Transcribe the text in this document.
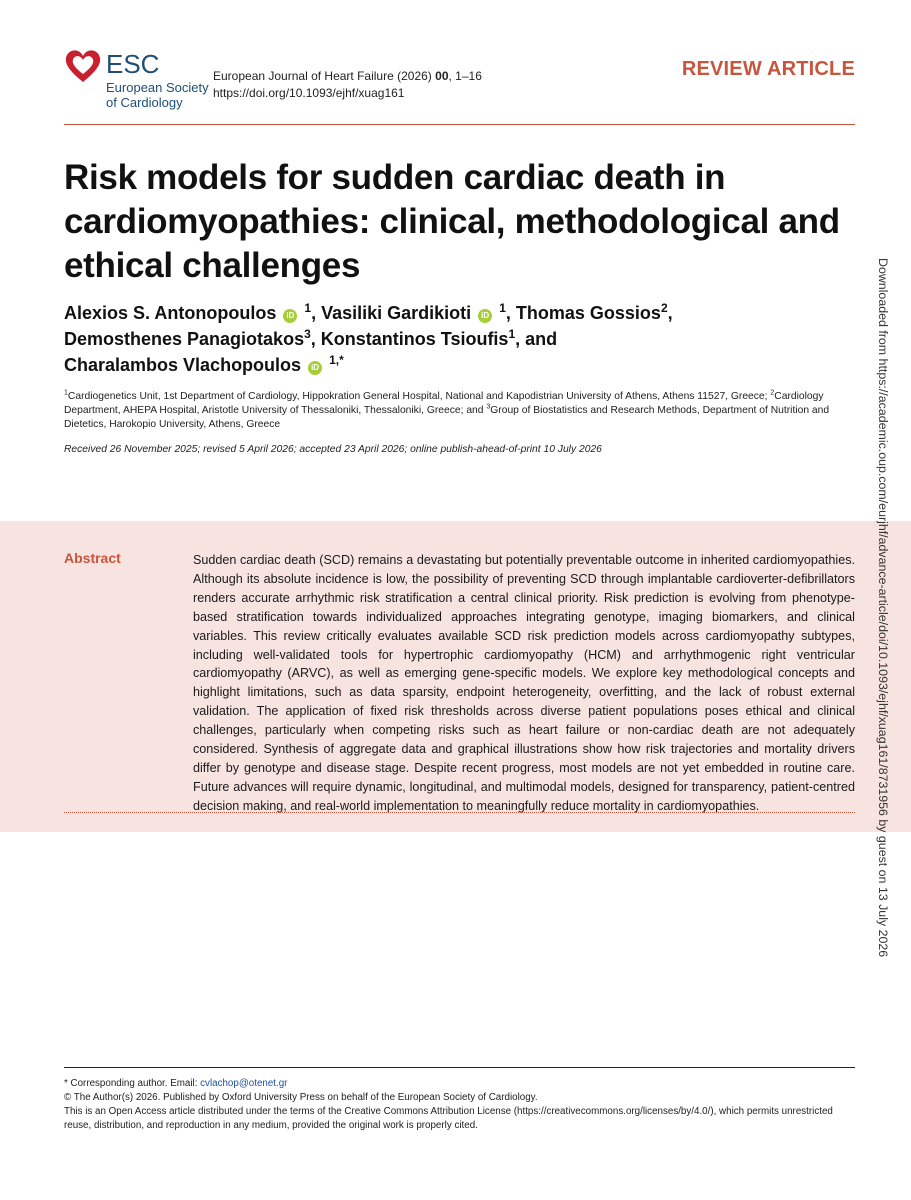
ESC
European Society
of Cardiology
European Journal of Heart Failure (2026) 00, 1–16
https://doi.org/10.1093/ejhf/xuag161
REVIEW ARTICLE
Risk models for sudden cardiac death in cardiomyopathies: clinical, methodological and ethical challenges
Alexios S. Antonopoulos iD $^1$, Vasiliki Gardikioti iD $^1$, Thomas Gossios$^2$,
Demosthenes Panagiotakos$^3$, Konstantinos Tsioufis$^1$, and
Charalambos Vlachopoulos iD $^{1,*}$
$^1$Cardiogenetics Unit, 1st Department of Cardiology, Hippokration General Hospital, National and Kapodistrian University of Athens, Athens 11527, Greece; $^2$Cardiology Department, AHEPA Hospital, Aristotle University of Thessaloniki, Thessaloniki, Greece; and $^3$Group of Biostatistics and Research Methods, Department of Nutrition and Dietetics, Harokopio University, Athens, Greece
Received 26 November 2025; revised 5 April 2026; accepted 23 April 2026; online publish-ahead-of-print 10 July 2026
Abstract	Sudden cardiac death (SCD) remains a devastating but potentially preventable outcome in inherited cardiomyopathies. Although its absolute incidence is low, the possibility of preventing SCD through implantable cardioverter-defibrillators renders accurate arrhythmic risk stratification a central clinical priority. Risk prediction is evolving from phenotype-based stratification towards individualized approaches integrating genotype, imaging biomarkers, and clinical variables. This review critically evaluates available SCD risk prediction models across cardiomyopathy subtypes, including well-validated tools for hypertrophic cardiomyopathy (HCM) and arrhythmogenic right ventricular cardiomyopathy (ARVC), as well as emerging gene-specific models. We explore key methodological concepts and highlight limitations, such as data sparsity, endpoint heterogeneity, overfitting, and the lack of robust external validation. The application of fixed risk thresholds across diverse patient populations poses ethical and clinical challenges, particularly when competing risks such as heart failure or non-cardiac death are not adequately considered. Synthesis of aggregate data and graphical illustrations show how risk trajectories and mortality drivers differ by genotype and disease stage. Despite recent progress, most models are not yet embedded in routine care. Future advances will require dynamic, longitudinal, and multimodal models, designed for transparency, patient-centred decision making, and real-world implementation to meaningfully reduce mortality in cardiomyopathies.	Downloaded from https://academic.oup.com/eurjhf/advance-article/doi/10.1093/ejhf/xuag161/8731956 by guest on 13 July 2026
* Corresponding author. Email: cvlachop@otenet.gr
© The Author(s) 2026. Published by Oxford University Press on behalf of the European Society of Cardiology.
This is an Open Access article distributed under the terms of the Creative Commons Attribution License (https://creativecommons.org/licenses/by/4.0/), which permits unrestricted reuse, distribution, and reproduction in any medium, provided the original work is properly cited.
